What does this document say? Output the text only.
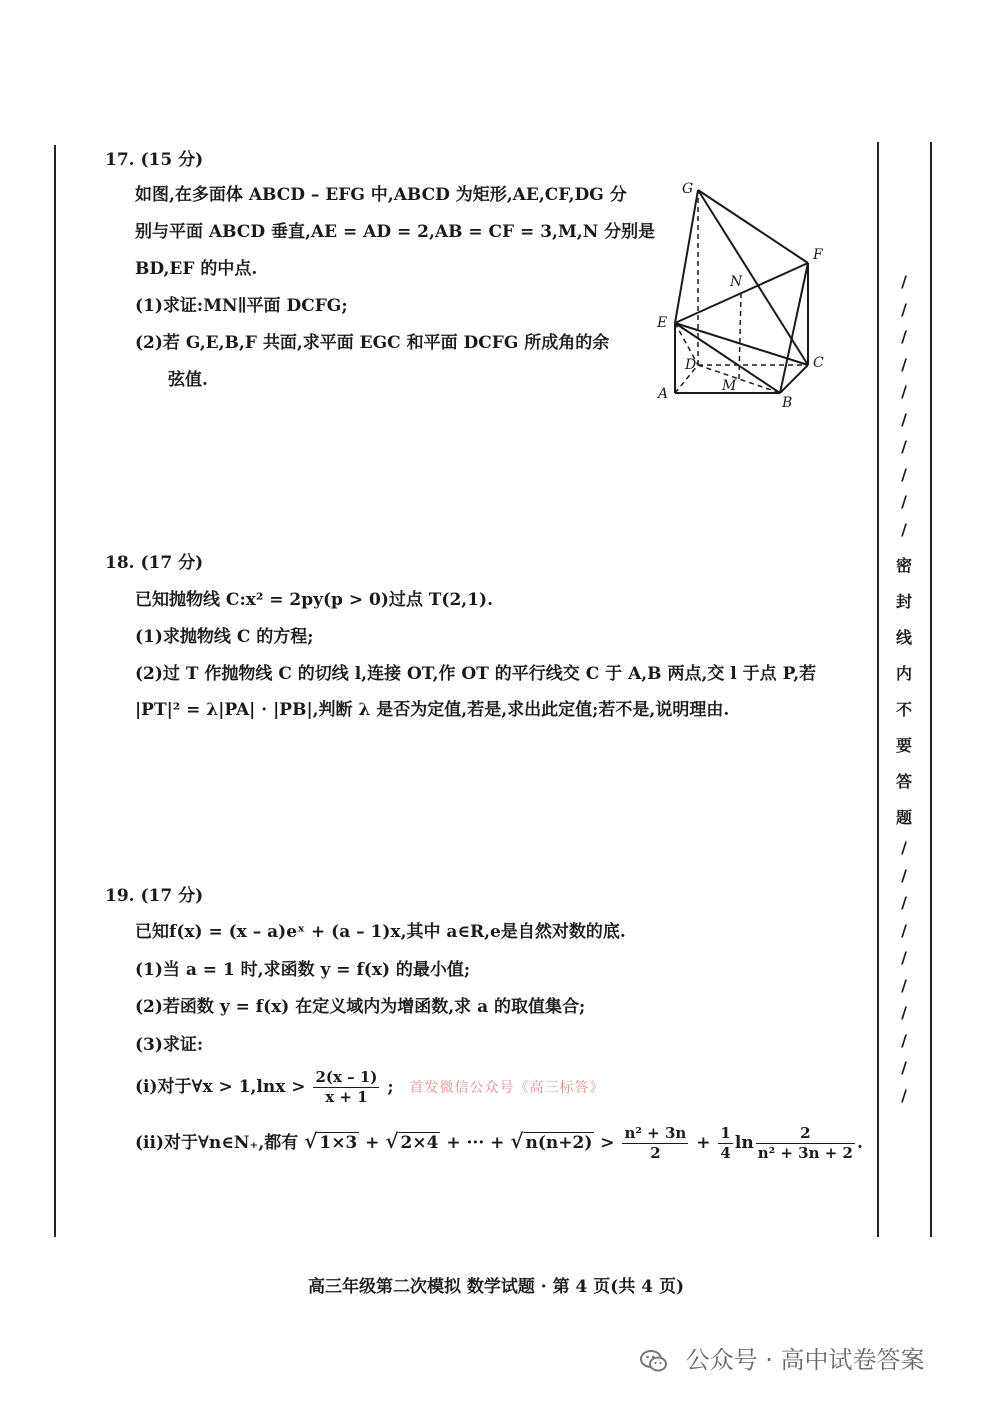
17. (15 分)
如图,在多面体 ABCD – EFG 中,ABCD 为矩形,AE,CF,DG 分
别与平面 ABCD 垂直,AE = AD = 2,AB = CF = 3,M,N 分别是
BD,EF 的中点.
(1)求证:MN∥平面 DCFG;
(2)若 G,E,B,F 共面,求平面 EGC 和平面 DCFG 所成角的余
弦值.
G
F
N
E
D	C
M
A
B
18. (17 分)
已知抛物线 C:x² = 2py(p > 0)过点 T(2,1).
(1)求抛物线 C 的方程;
(2)过 T 作抛物线 C 的切线 l,连接 OT,作 OT 的平行线交 C 于 A,B 两点,交 l 于点 P,若
|PT|² = λ|PA| · |PB|,判断 λ 是否为定值,若是,求出此定值;若不是,说明理由.
19. (17 分)
已知f(x) = (x – a)eˣ + (a – 1)x,其中 a∈R,e是自然对数的底.
(1)当 a = 1 时,求函数 y = f(x) 的最小值;
(2)若函数 y = f(x) 在定义域内为增函数,求 a 的取值集合;
(3)求证:
(i)对于∀x > $1,\ln x > \frac{2(x - 1)}{x + 1}$ ; 首发微信公众号《高三标答》
(ii)对于∀n∈N₊,都有 √ 1×3 + √ 2×4 + ··· + √ $n(n+2) > \frac{\text{n² + 3n}}{2} + \frac{1}{4}$ $\ln \frac{2}{\text{n² + 3n + 2}}$ .
/
/
/
/
/
/
/
/
/
/
密
封
线
内
不
要
答
题
/
/
/
/
/
/
/
/
/
/
高三年级第二次模拟 数学试题 · 第 4 页(共 4 页)
公众号 · 高中试卷答案
